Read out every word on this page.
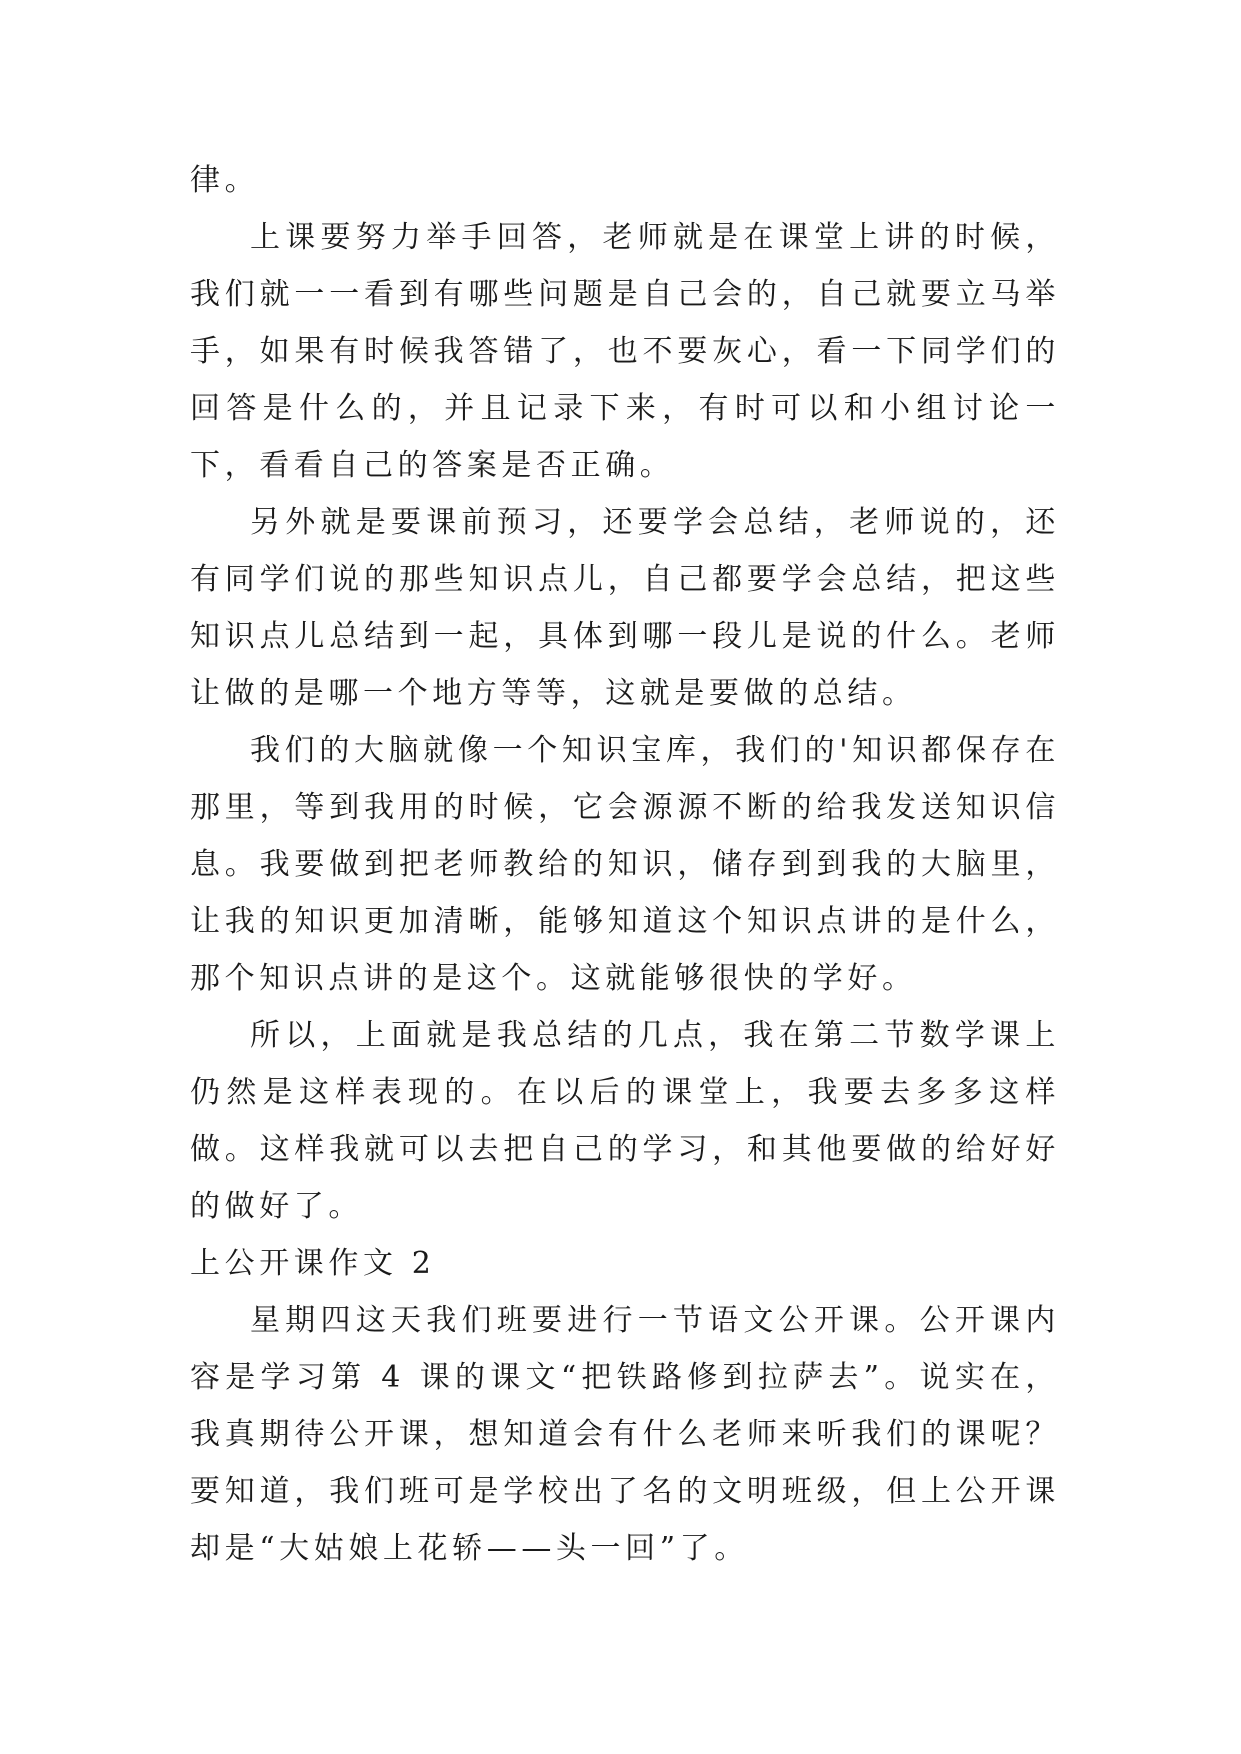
律。

上课要努力举手回答，老师就是在课堂上讲的时候，我们就一一看到有哪些问题是自己会的，自己就要立马举手，如果有时候我答错了，也不要灰心，看一下同学们的回答是什么的，并且记录下来，有时可以和小组讨论一下，看看自己的答案是否正确。

另外就是要课前预习，还要学会总结，老师说的，还有同学们说的那些知识点儿，自己都要学会总结，把这些知识点儿总结到一起，具体到哪一段儿是说的什么。老师让做的是哪一个地方等等，这就是要做的总结。

我们的大脑就像一个知识宝库，我们的'知识都保存在那里，等到我用的时候，它会源源不断的给我发送知识信息。我要做到把老师教给的知识，储存到到我的大脑里，让我的知识更加清晰，能够知道这个知识点讲的是什么，那个知识点讲的是这个。这就能够很快的学好。

所以，上面就是我总结的几点，我在第二节数学课上仍然是这样表现的。在以后的课堂上，我要去多多这样做。这样我就可以去把自己的学习，和其他要做的给好好的做好了。

上公开课作文 2

星期四这天我们班要进行一节语文公开课。公开课内容是学习第 4 课的课文“把铁路修到拉萨去”。说实在，我真期待公开课，想知道会有什么老师来听我们的课呢？要知道，我们班可是学校出了名的文明班级，但上公开课却是“大姑娘上花轿——头一回”了。
